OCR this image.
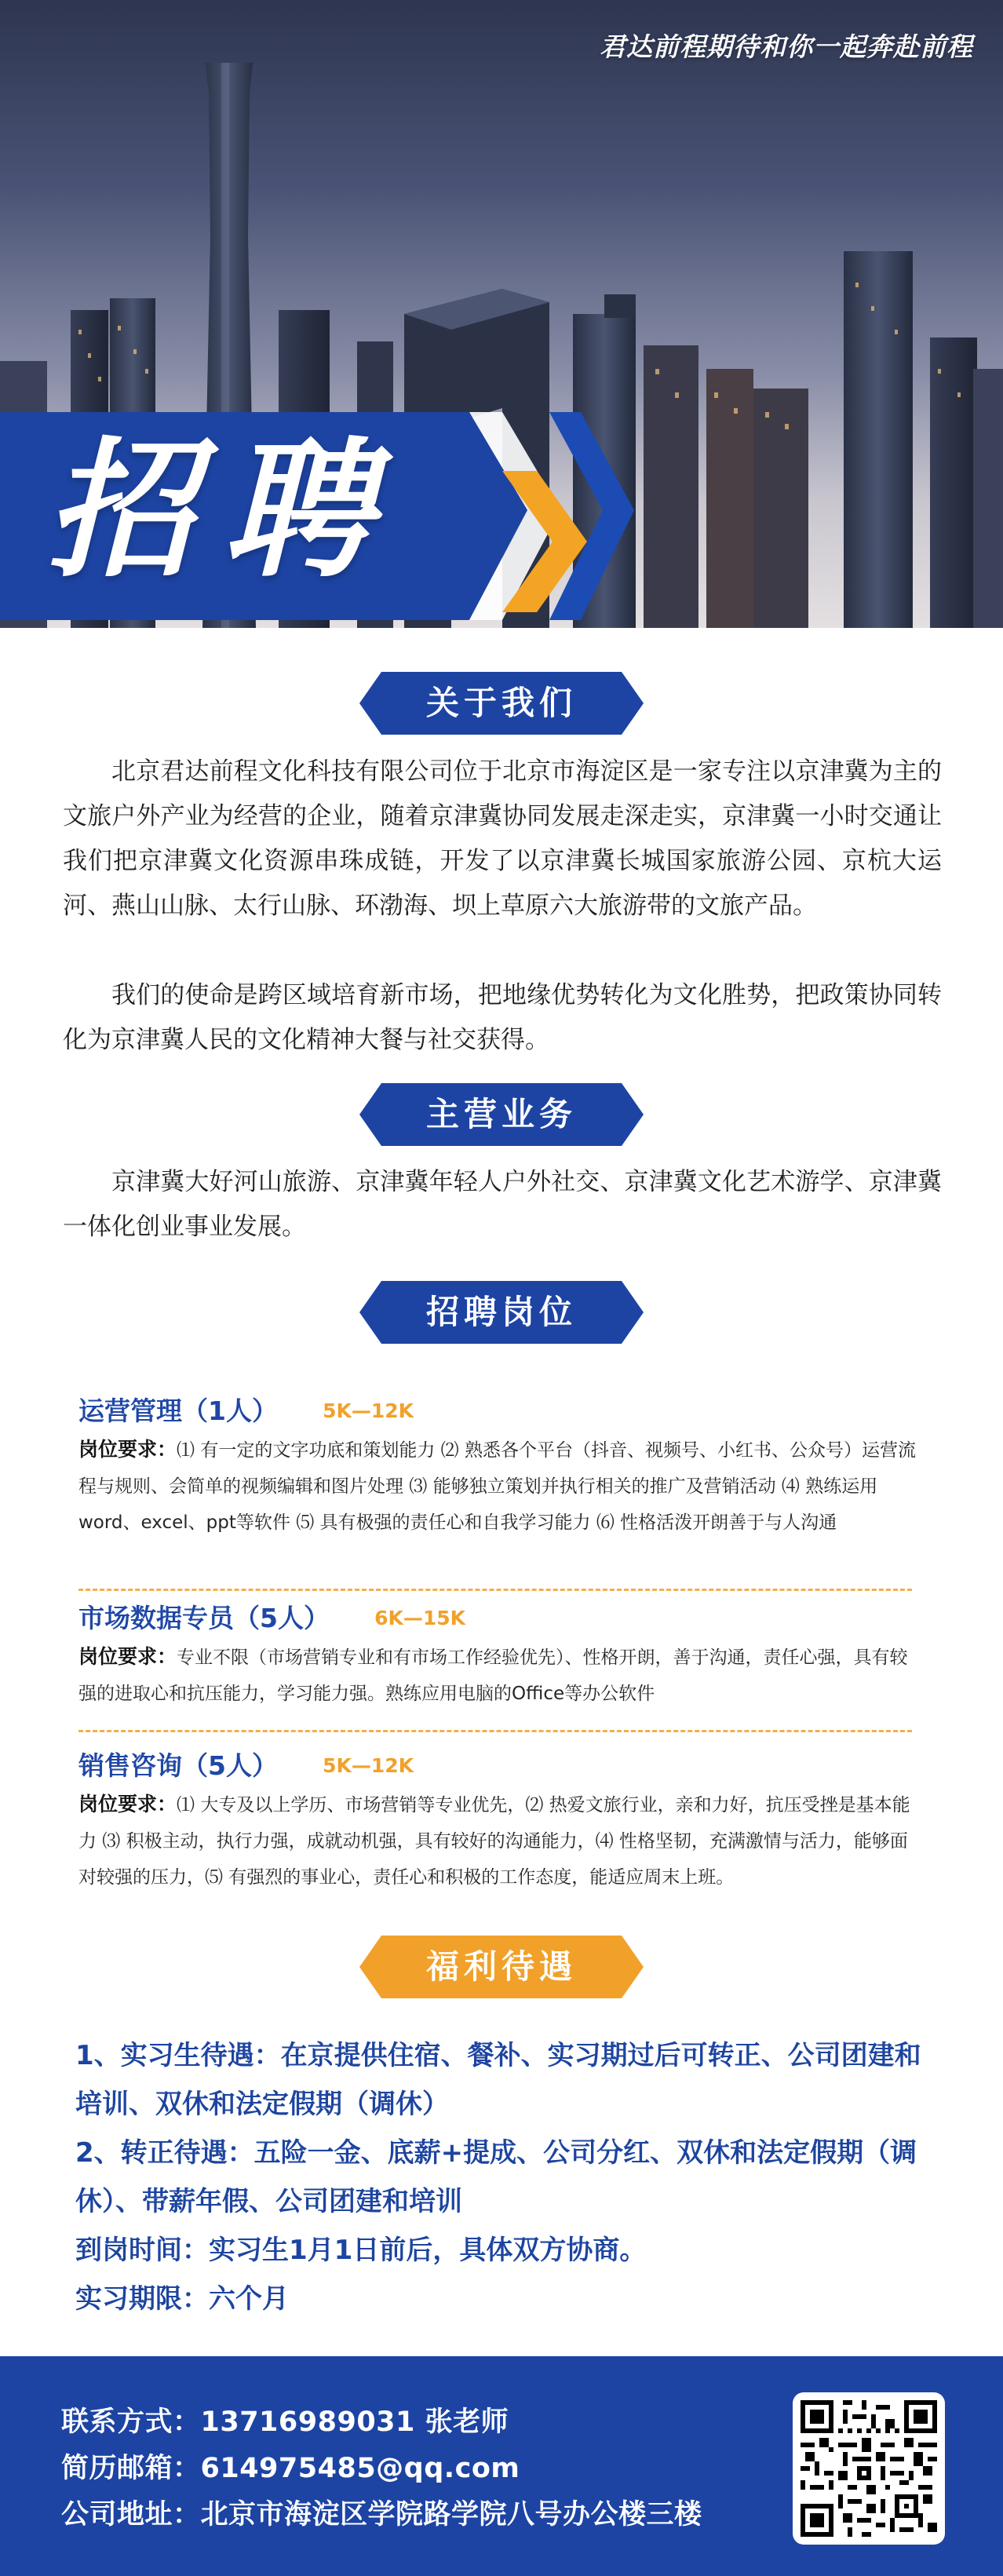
君达前程期待和你一起奔赴前程
招聘
关于我们
北京君达前程文化科技有限公司位于北京市海淀区是一家专注以京津冀为主的文旅户外产业为经营的企业，随着京津冀协同发展走深走实，京津冀一小时交通让我们把京津冀文化资源串珠成链，开发了以京津冀长城国家旅游公园、京杭大运河、燕山山脉、太行山脉、环渤海、坝上草原六大旅游带的文旅产品。
我们的使命是跨区域培育新市场，把地缘优势转化为文化胜势，把政策协同转化为京津冀人民的文化精神大餐与社交获得。
主营业务
京津冀大好河山旅游、京津冀年轻人户外社交、京津冀文化艺术游学、京津冀一体化创业事业发展。
招聘岗位
运营管理（1人） 5K—12K
岗位要求：⑴ 有一定的文字功底和策划能力 ⑵ 熟悉各个平台（抖音、视频号、小红书、公众号）运营流程与规则、会简单的视频编辑和图片处理 ⑶ 能够独立策划并执行相关的推广及营销活动 ⑷ 熟练运用word、excel、ppt等软件 ⑸ 具有极强的责任心和自我学习能力 ⑹ 性格活泼开朗善于与人沟通
市场数据专员（5人） 6K—15K
岗位要求：专业不限（市场营销专业和有市场工作经验优先）、性格开朗，善于沟通，责任心强，具有较强的进取心和抗压能力，学习能力强。熟练应用电脑的Office等办公软件
销售咨询（5人） 5K—12K
岗位要求：⑴ 大专及以上学历、市场营销等专业优先，⑵ 热爱文旅行业，亲和力好，抗压受挫是基本能力 ⑶ 积极主动，执行力强，成就动机强，具有较好的沟通能力，⑷ 性格坚韧，充满激情与活力，能够面对较强的压力，⑸ 有强烈的事业心，责任心和积极的工作态度，能适应周末上班。
福利待遇
1、实习生待遇：在京提供住宿、餐补、实习期过后可转正、公司团建和培训、双休和法定假期（调休）
2、转正待遇：五险一金、底薪+提成、公司分红、双休和法定假期（调休）、带薪年假、公司团建和培训
到岗时间：实习生1月1日前后，具体双方协商。
实习期限：六个月
联系方式：13716989031 张老师
简历邮箱：614975485@qq.com
公司地址：北京市海淀区学院路学院八号办公楼三楼
